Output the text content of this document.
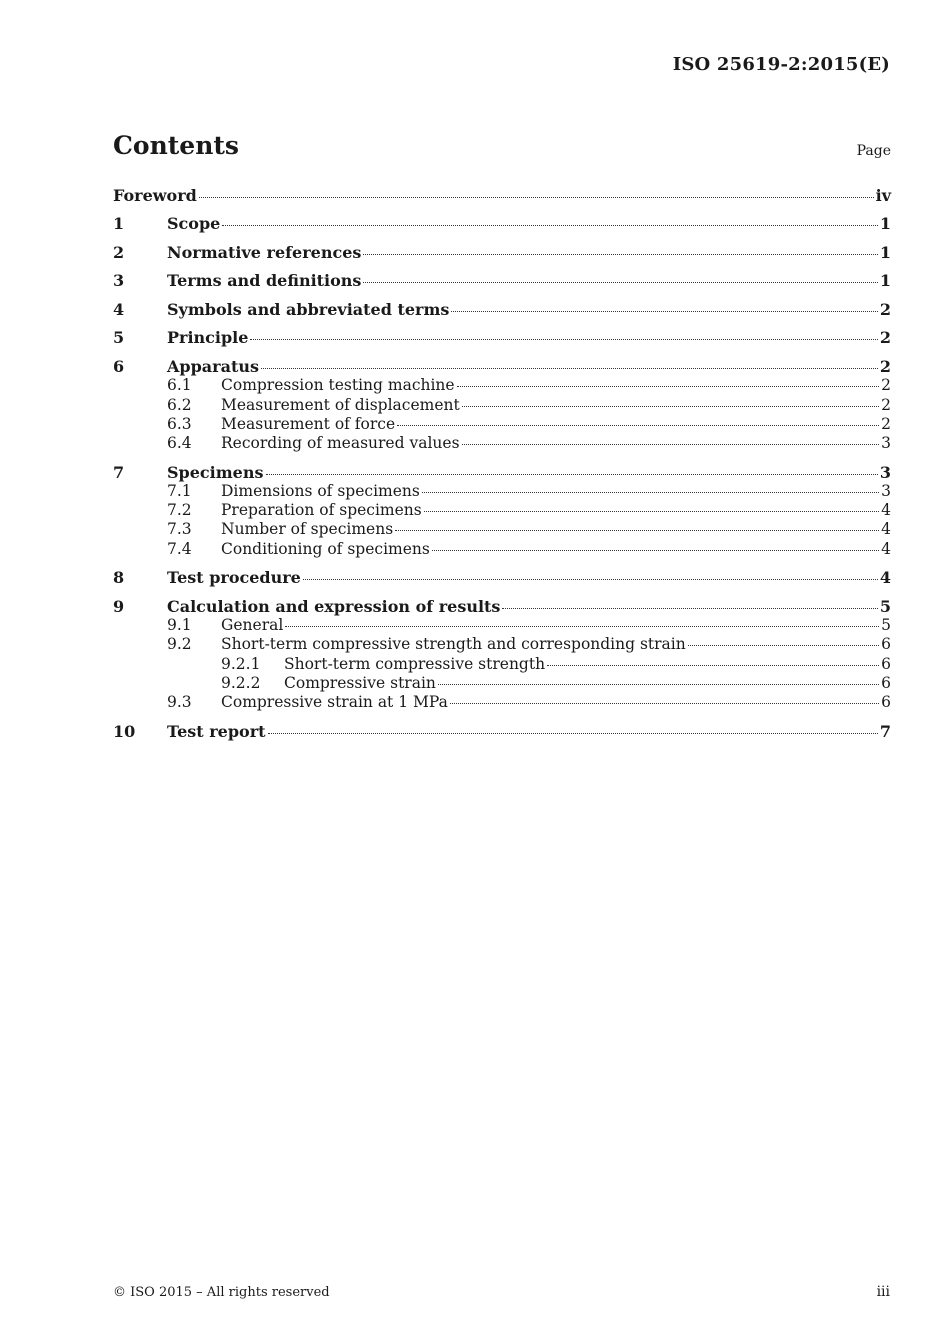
ISO 25619-2:2015(E)
Contents	Page
Foreword	iv
1	Scope	1
2	Normative references	1
3	Terms and definitions	1
4	Symbols and abbreviated terms	2
5	Principle	2
6	Apparatus	2
6.1	Compression testing machine	2
6.2	Measurement of displacement	2
6.3	Measurement of force	2
6.4	Recording of measured values	3
7	Specimens	3
7.1	Dimensions of specimens	3
7.2	Preparation of specimens	4
7.3	Number of specimens	4
7.4	Conditioning of specimens	4
8	Test procedure	4
9	Calculation and expression of results	5
9.1	General	5
9.2	Short-term compressive strength and corresponding strain	6
9.2.1	Short-term compressive strength	6
9.2.2	Compressive strain	6
9.3	Compressive strain at 1 MPa	6
10	Test report	7
© ISO 2015 – All rights reserved	iii
